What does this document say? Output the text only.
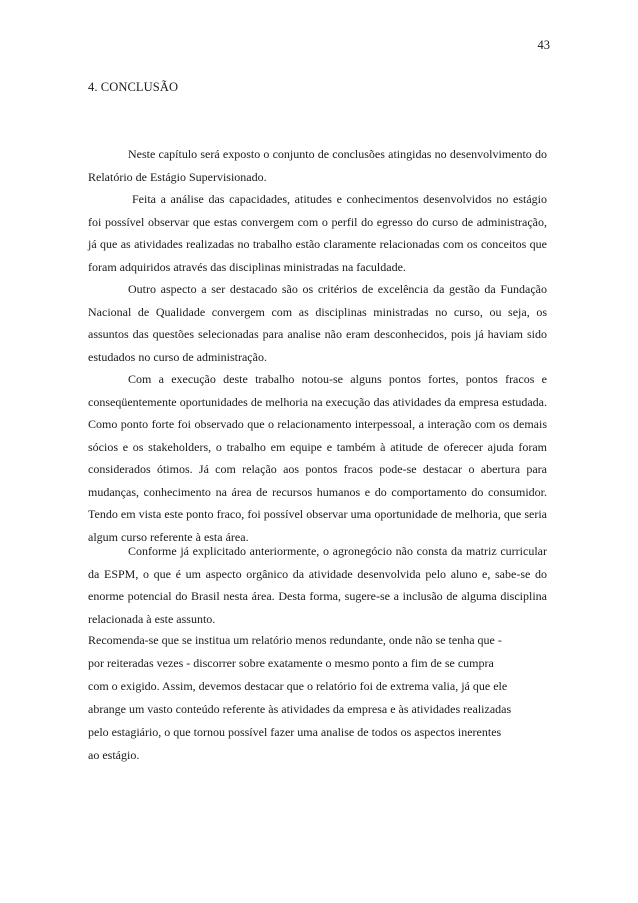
43
4. CONCLUSÃO

Neste capítulo será exposto o conjunto de conclusões atingidas no desenvolvimento do Relatório de Estágio Supervisionado.

Feita a análise das capacidades, atitudes e conhecimentos desenvolvidos no estágio foi possível observar que estas convergem com o perfil do egresso do curso de administração, já que as atividades realizadas no trabalho estão claramente relacionadas com os conceitos que foram adquiridos através das disciplinas ministradas na faculdade.

Outro aspecto a ser destacado são os critérios de excelência da gestão da Fundação Nacional de Qualidade convergem com as disciplinas ministradas no curso, ou seja, os assuntos das questões selecionadas para analise não eram desconhecidos, pois já haviam sido estudados no curso de administração.

Com a execução deste trabalho notou-se alguns pontos fortes, pontos fracos e conseqüentemente oportunidades de melhoria na execução das atividades da empresa estudada. Como ponto forte foi observado que o relacionamento interpessoal, a interação com os demais sócios e os stakeholders, o trabalho em equipe e também à atitude de oferecer ajuda foram considerados ótimos. Já com relação aos pontos fracos pode-se destacar o abertura para mudanças, conhecimento na área de recursos humanos e do comportamento do consumidor. Tendo em vista este ponto fraco, foi possível observar uma oportunidade de melhoria, que seria algum curso referente à esta área.

Conforme já explicitado anteriormente, o agronegócio não consta da matriz curricular da ESPM, o que é um aspecto orgânico da atividade desenvolvida pelo aluno e, sabe-se do enorme potencial do Brasil nesta área. Desta forma, sugere-se a inclusão de alguma disciplina relacionada à este assunto.

Recomenda-se que se institua um relatório menos redundante, onde não se tenha que -

por reiteradas vezes - discorrer sobre exatamente o mesmo ponto a fim de se cumpra

com o exigido. Assim, devemos destacar que o relatório foi de extrema valia, já que ele

abrange um vasto conteúdo referente às atividades da empresa e às atividades realizadas

pelo estagiário, o que tornou possível fazer uma analise de todos os aspectos inerentes

ao estágio.
